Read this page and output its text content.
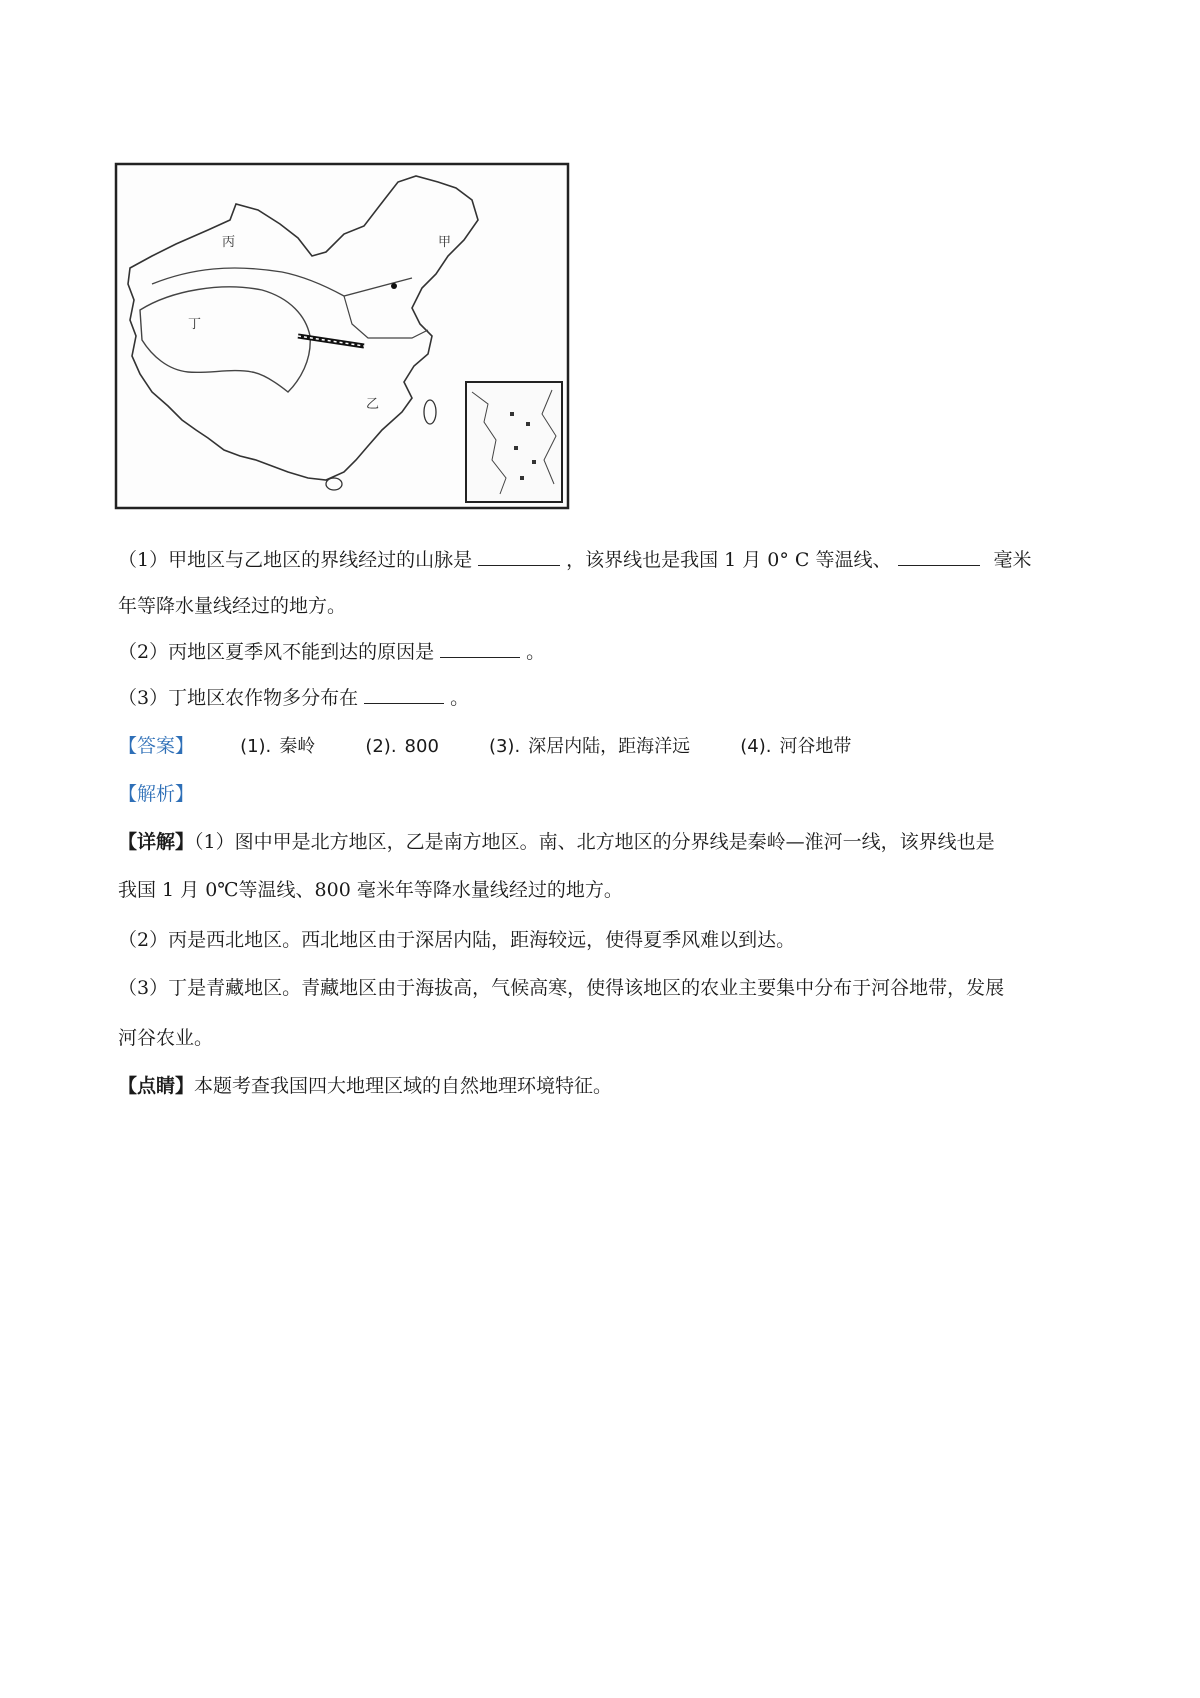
丙
丁
甲
乙
（1）甲地区与乙地区的界线经过的山脉是	，该界线也是我国 1 月 0° C 等温线、	毫米
年等降水量线经过的地方。
（2）丙地区夏季风不能到达的原因是	。
（3）丁地区农作物多分布在	。
【答案】	(1). 秦岭	(2). 800	(3). 深居内陆，距海洋远	(4). 河谷地带
【解析】
【详解】（1）图中甲是北方地区，乙是南方地区。南、北方地区的分界线是秦岭—淮河一线，该界线也是
我国 1 月 0℃等温线、800 毫米年等降水量线经过的地方。
（2）丙是西北地区。西北地区由于深居内陆，距海较远，使得夏季风难以到达。
（3）丁是青藏地区。青藏地区由于海拔高，气候高寒，使得该地区的农业主要集中分布于河谷地带，发展
河谷农业。
【点睛】本题考查我国四大地理区域的自然地理环境特征。
